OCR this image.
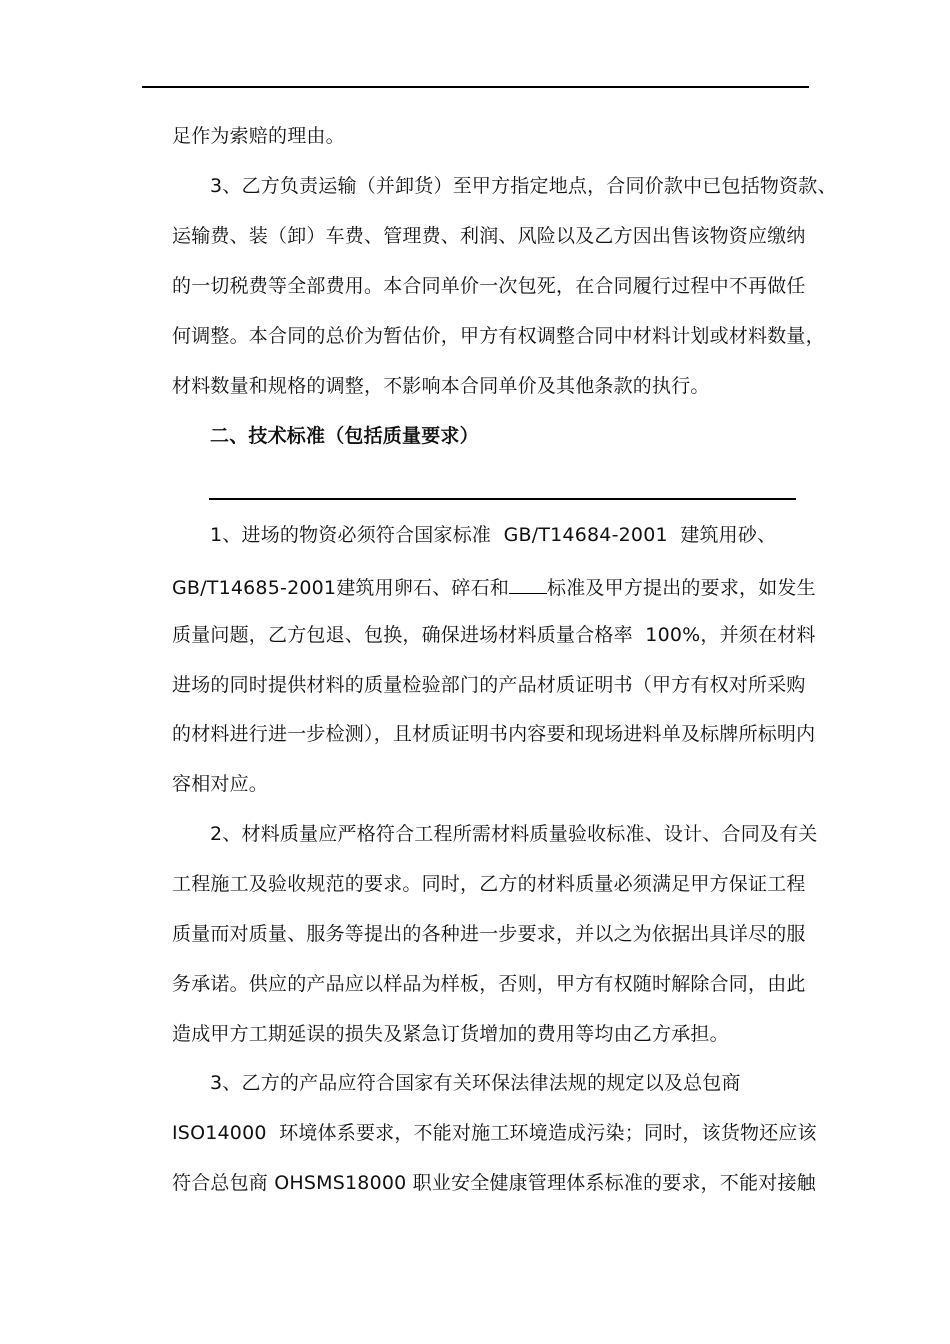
足作为索赔的理由。
3、乙方负责运输（并卸货）至甲方指定地点，合同价款中已包括物资款、
运输费、装（卸）车费、管理费、利润、风险以及乙方因出售该物资应缴纳
的一切税费等全部费用。本合同单价一次包死，在合同履行过程中不再做任
何调整。本合同的总价为暂估价，甲方有权调整合同中材料计划或材料数量，
材料数量和规格的调整，不影响本合同单价及其他条款的执行。
二、技术标准（包括质量要求）
1、进场的物资必须符合国家标准  GB/T14684-2001  建筑用砂、
GB/T14685-2001建筑用卵石、碎石和 标准及甲方提出的要求，如发生
质量问题，乙方包退、包换，确保进场材料质量合格率  100%，并须在材料
进场的同时提供材料的质量检验部门的产品材质证明书（甲方有权对所采购
的材料进行进一步检测），且材质证明书内容要和现场进料单及标牌所标明内
容相对应。
2、材料质量应严格符合工程所需材料质量验收标准、设计、合同及有关
工程施工及验收规范的要求。同时，乙方的材料质量必须满足甲方保证工程
质量而对质量、服务等提出的各种进一步要求，并以之为依据出具详尽的服
务承诺。供应的产品应以样品为样板，否则，甲方有权随时解除合同，由此
造成甲方工期延误的损失及紧急订货增加的费用等均由乙方承担。
3、乙方的产品应符合国家有关环保法律法规的规定以及总包商
ISO14000  环境体系要求，不能对施工环境造成污染；同时，该货物还应该
符合总包商 OHSMS18000 职业安全健康管理体系标准的要求，不能对接触
